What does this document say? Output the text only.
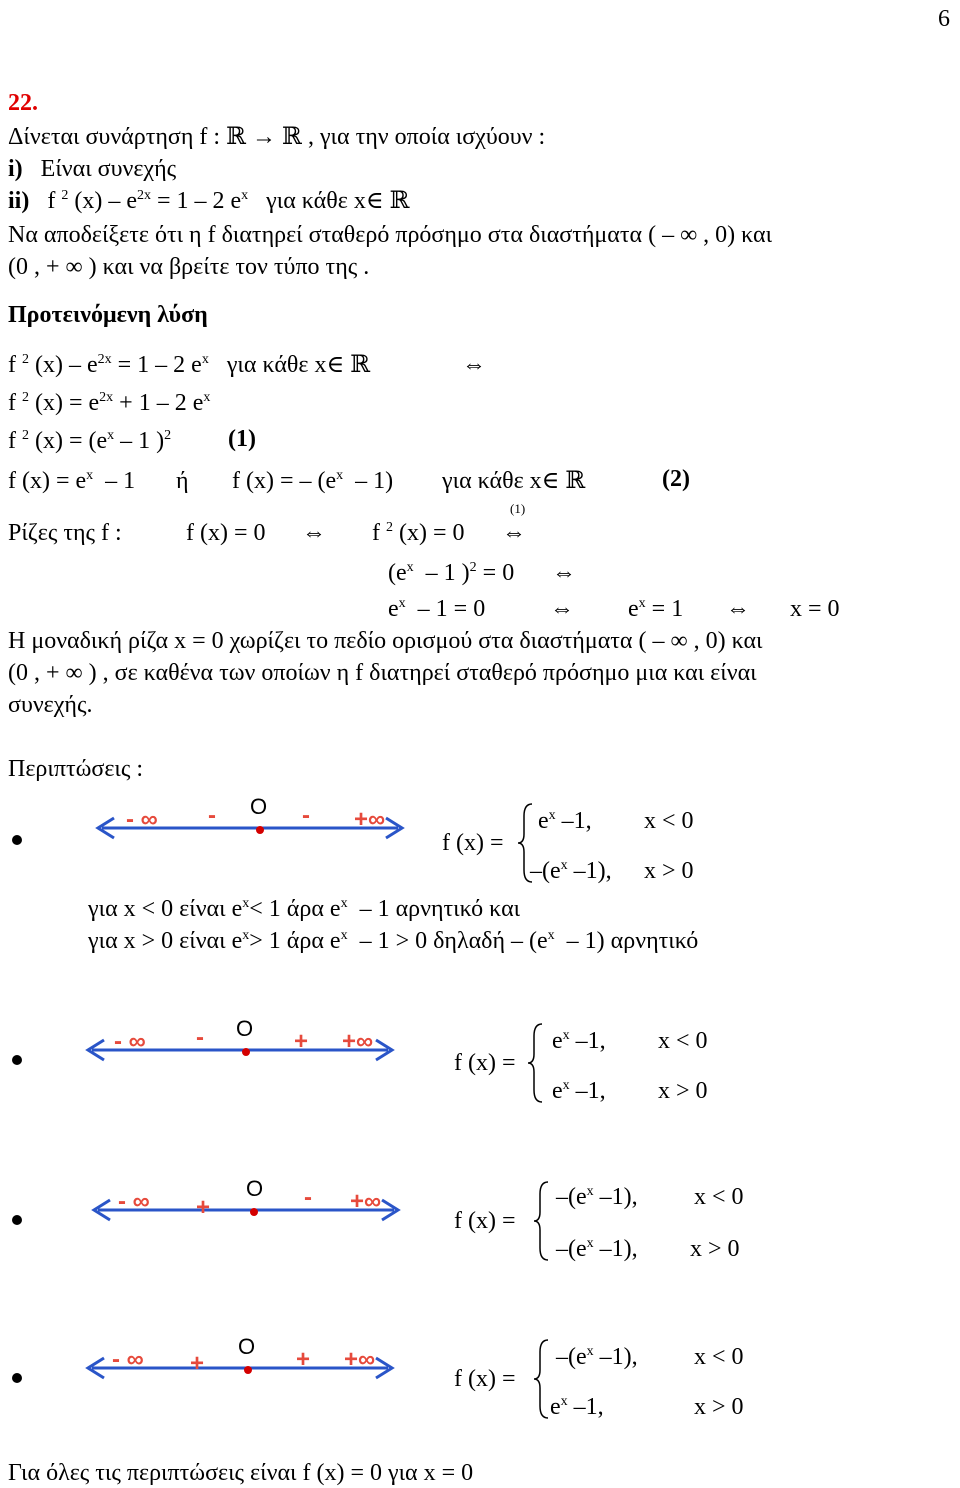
6
22.
Δίνεται συνάρτηση f : ℝ → ℝ , για την οποία ισχύουν :
i) Είναι συνεχής
ii) f $^2$ $(x) - e^{2x} = 1 - 2$ $e^x$ για κάθε x∈ ℝ
Να αποδείξετε ότι η f διατηρεί σταθερό πρόσημο στα διαστήματα ( – ∞ , 0) και
(0 , + ∞ ) και να βρείτε τον τύπο της .
Προτεινόμενη λύση
f $^2$ $(x) - e^{2x} = 1 - 2$ $e^x$ για κάθε x∈ ℝ	⇔
f $^2$ $(x) = e^{2x} + 1 - 2$ $e^x$
f $^2$ $(x) = (e^x - 1$ )$^2$ (1)
f $(x) = e^x - 1$ ή f (x) = – $(e^x - 1)$ για κάθε x∈ ℝ	(2)
Ρίζες της f :	f (x) = 0 ⇔ f $^2$ (x) = 0
(1)
⇔
($e^x - 1$ )$^2$ = 0 ⇔
$e^x - 1 = 0$	⇔ $e^x = 1$ ⇔ x = 0
Η μοναδική ρίζα x = 0 χωρίζει το πεδίο ορισμού στα διαστήματα ( – ∞ , 0) και
(0 , + ∞ ) , σε καθένα των οποίων η f διατηρεί σταθερό πρόσημο μια και είναι
συνεχής.
Περιπτώσεις :
- ∞ - O - +∞
f (x) =
$e^x$ –1, x < 0
$-(e^x$ –1), x > 0
για x < 0 είναι $e^x< 1$ άρα $e^x - 1$ αρνητικό και
για x > 0 είναι $e^x> 1$ άρα $e^x - 1 > 0$ δηλαδή – $(e^x - 1)$ αρνητικό
- ∞ - O + +∞
f (x) =
$e^x$ –1, x < 0
$e^x$ –1, x > 0
- ∞ +
O - +∞
f (x) =
$-(e^x$ –1), x < 0
$-(e^x$ –1), x > 0
- ∞ +
O + +∞
f (x) =
$-(e^x$ –1), x < 0
$e^x$ –1,	x > 0
Για όλες τις περιπτώσεις είναι f (x) = 0 για x = 0
